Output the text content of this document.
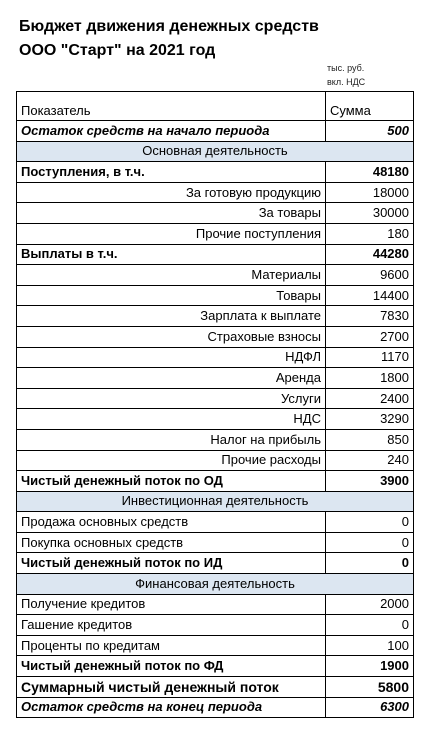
Бюджет движения денежных средств
ООО "Старт" на 2021 год
тыс. руб.
вкл. НДС
Показатель	Сумма
Остаток средств на начало периода	500
Основная деятельность	
Поступления, в т.ч.	48180
За готовую продукцию	18000
За товары	30000
Прочие поступления	180
Выплаты в т.ч.	44280
Материалы	9600
Товары	14400
Зарплата к выплате	7830
Страховые взносы	2700
НДФЛ	1170
Аренда	1800
Услуги	2400
НДС	3290
Налог на прибыль	850
Прочие расходы	240
Чистый денежный поток по ОД	3900
Инвестиционная деятельность	
Продажа основных средств	0
Покупка основных средств	0
Чистый денежный поток по ИД	0
Финансовая деятельность	
Получение кредитов	2000
Гашение кредитов	0
Проценты по кредитам	100
Чистый денежный поток по ФД	1900
Суммарный чистый денежный поток	5800
Остаток средств на конец периода	6300
